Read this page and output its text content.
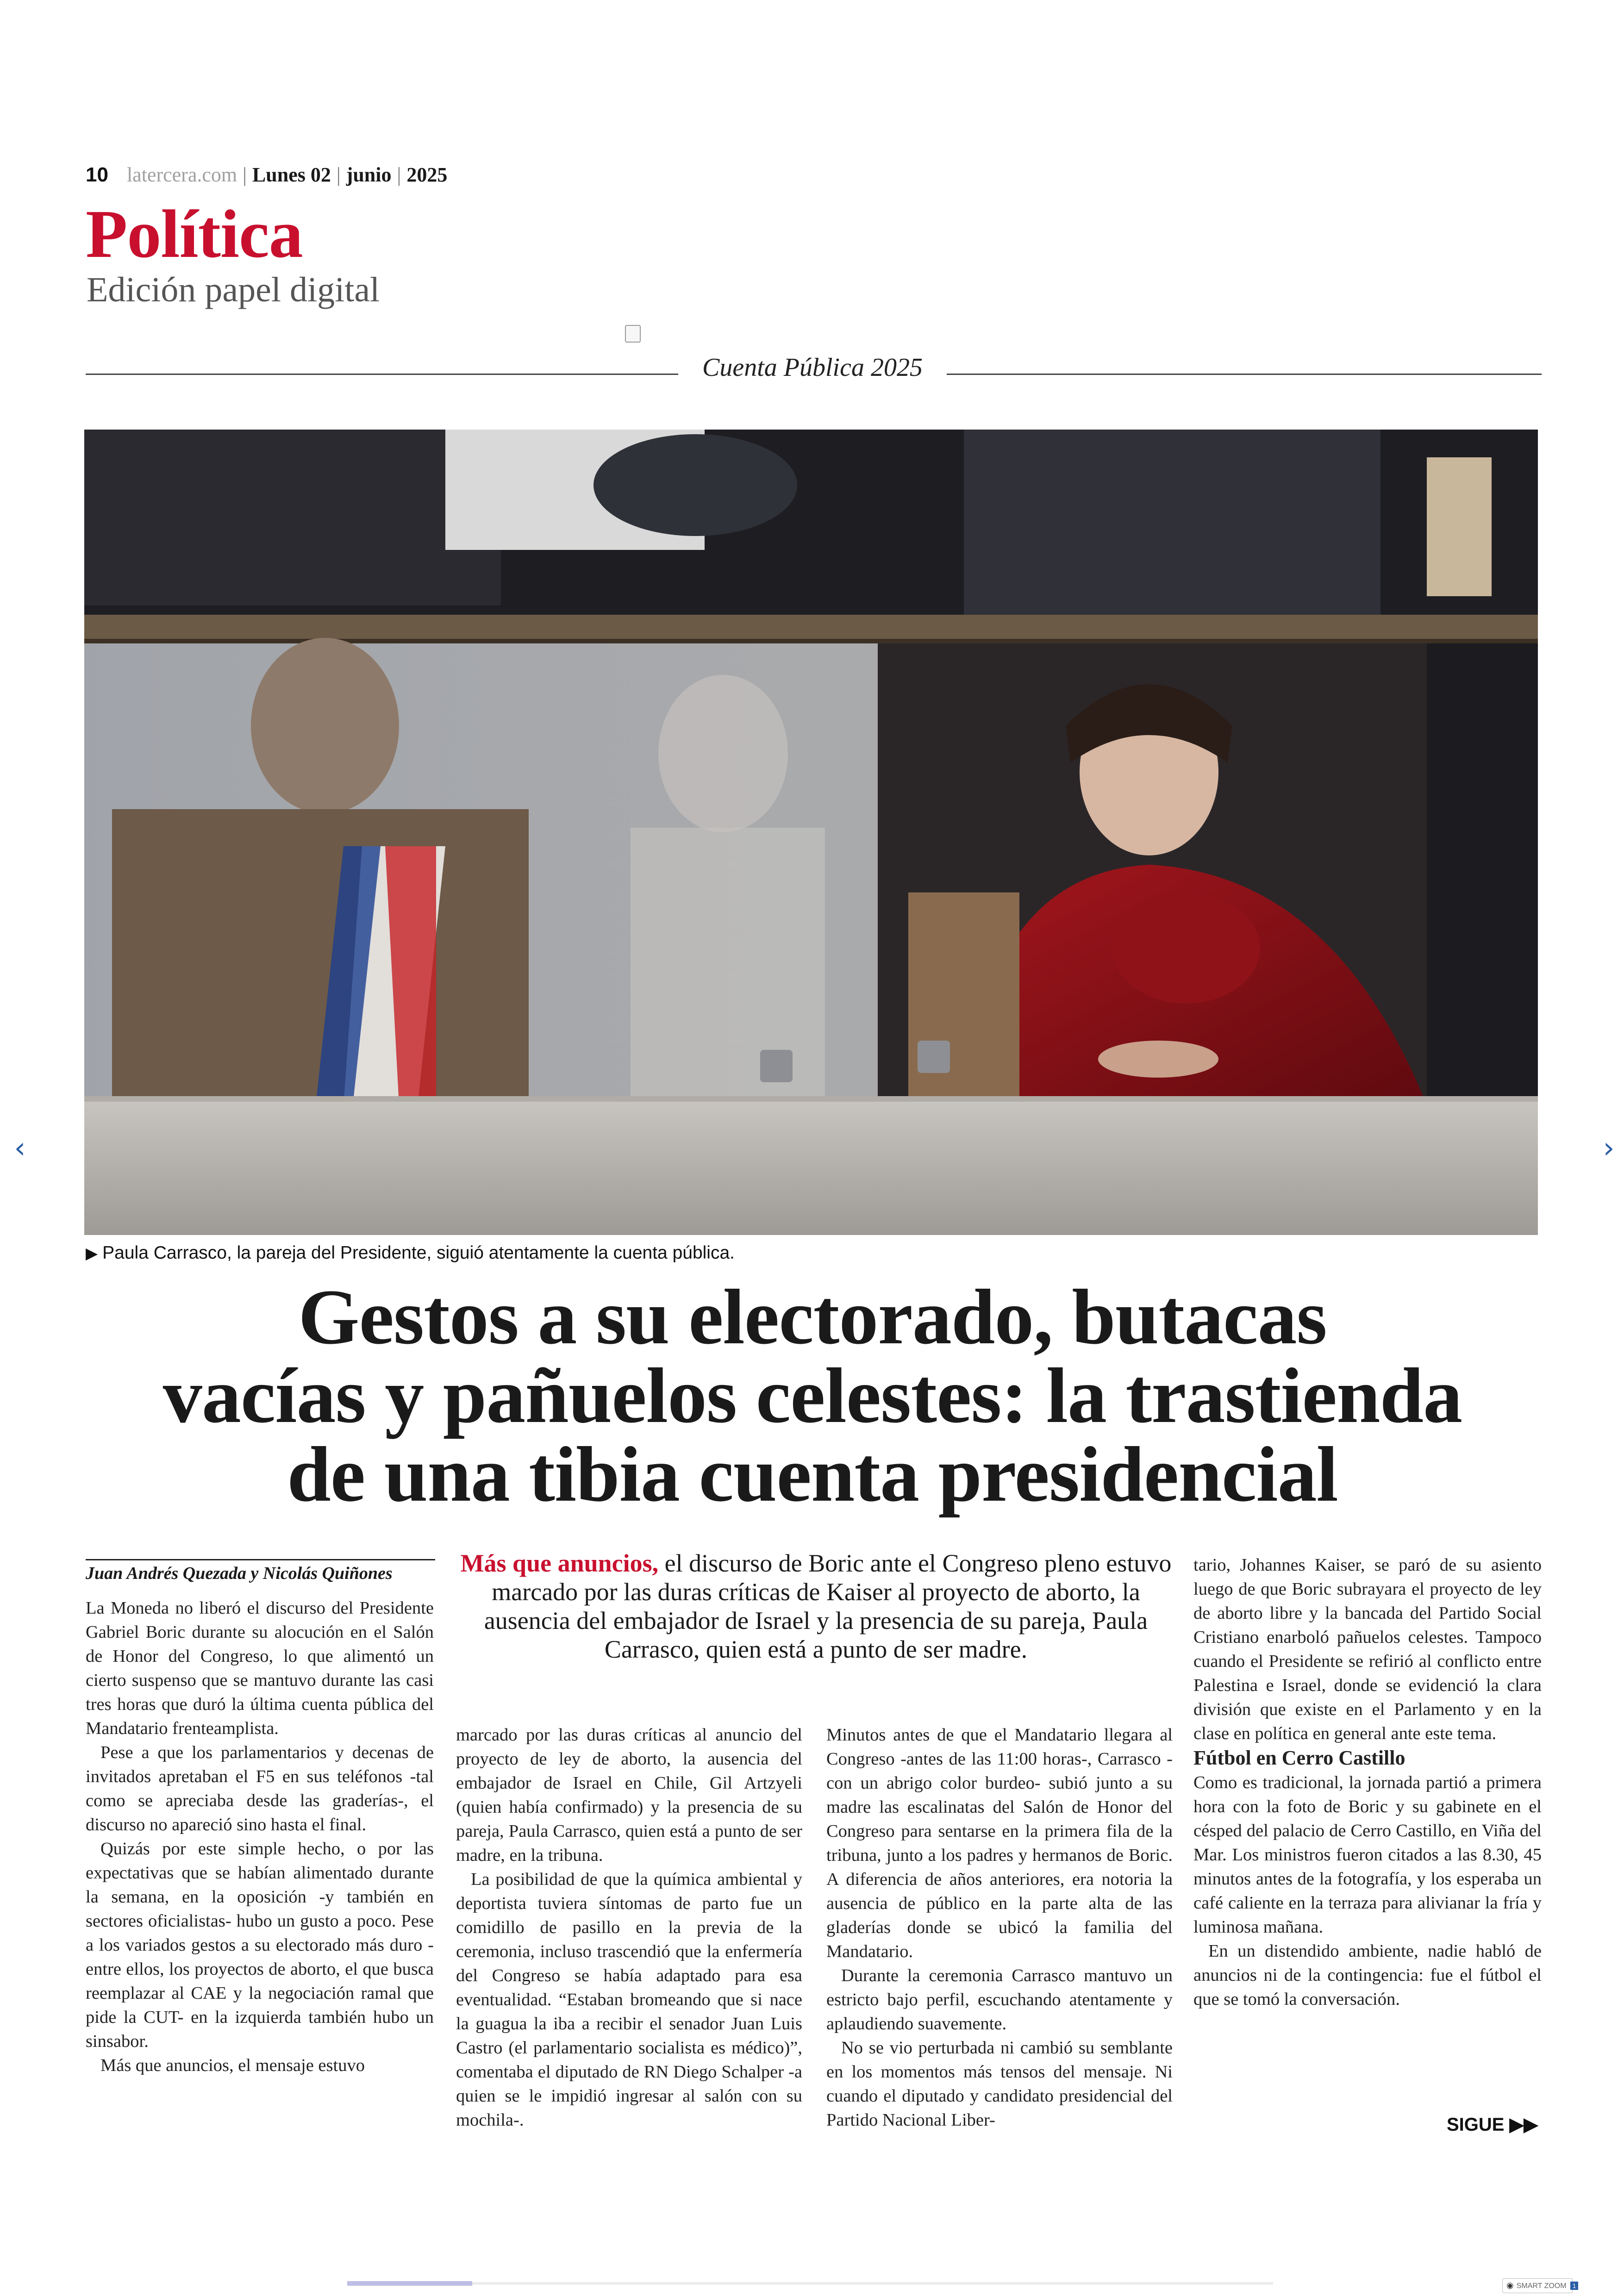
10 latercera.com | Lunes 02 | junio | 2025
Política
Edición papel digital
Cuenta Pública 2025
▶ Paula Carrasco, la pareja del Presidente, siguió atentamente la cuenta pública.
‹	›
Gestos a su electorado, butacas
vacías y pañuelos celestes: la trastienda
de una tibia cuenta presidencial
Juan Andrés Quezada y Nicolás Quiñones	Más que anuncios, el discurso de Boric ante el Congreso pleno estuvo marcado por las duras críticas de Kaiser al proyecto de aborto, la ausencia del embajador de Israel y la presencia de su pareja, Paula Carrasco, quien está a punto de ser madre.

La Moneda no liberó el discurso del Presidente Gabriel Boric durante su alocución en el Salón de Honor del Congreso, lo que alimentó un cierto suspenso que se mantuvo durante las casi tres horas que duró la última cuenta pública del Mandatario frenteamplista.

Pese a que los parlamentarios y decenas de invitados apretaban el F5 en sus teléfonos -tal como se apreciaba desde las graderías-, el discurso no apareció sino hasta el final.

Quizás por este simple hecho, o por las expectativas que se habían alimentado durante la semana, en la oposición -y también en sectores oficialistas- hubo un gusto a poco. Pese a los variados gestos a su electorado más duro -entre ellos, los proyectos de aborto, el que busca reemplazar al CAE y la negociación ramal que pide la CUT- en la izquierda también hubo un sinsabor.

Más que anuncios, el mensaje estuvo

marcado por las duras críticas al anuncio del proyecto de ley de aborto, la ausencia del embajador de Israel en Chile, Gil Artzyeli (quien había confirmado) y la presencia de su pareja, Paula Carrasco, quien está a punto de ser madre, en la tribuna.

La posibilidad de que la química ambiental y deportista tuviera síntomas de parto fue un comidillo de pasillo en la previa de la ceremonia, incluso trascendió que la enfermería del Congreso se había adaptado para esa eventualidad. “Estaban bromeando que si nace la guagua la iba a recibir el senador Juan Luis Castro (el parlamentario socialista es médico)”, comentaba el diputado de RN Diego Schalper -a quien se le impidió ingresar al salón con su mochila-.

Minutos antes de que el Mandatario llegara al Congreso -antes de las 11:00 horas-, Carrasco -con un abrigo color burdeo- subió junto a su madre las escalinatas del Salón de Honor del Congreso para sentarse en la primera fila de la tribuna, junto a los padres y hermanos de Boric. A diferencia de años anteriores, era notoria la ausencia de público en la parte alta de las gladerías donde se ubicó la familia del Mandatario.

Durante la ceremonia Carrasco mantuvo un estricto bajo perfil, escuchando atentamente y aplaudiendo suavemente.

No se vio perturbada ni cambió su semblante en los momentos más tensos del mensaje. Ni cuando el diputado y candidato presidencial del Partido Nacional Liber-

tario, Johannes Kaiser, se paró de su asiento luego de que Boric subrayara el proyecto de ley de aborto libre y la bancada del Partido Social Cristiano enarboló pañuelos celestes. Tampoco cuando el Presidente se refirió al conflicto entre Palestina e Israel, donde se evidenció la clara división que existe en el Parlamento y en la clase en política en general ante este tema.

Fútbol en Cerro Castillo

Como es tradicional, la jornada partió a primera hora con la foto de Boric y su gabinete en el césped del palacio de Cerro Castillo, en Viña del Mar. Los ministros fueron citados a las 8.30, 45 minutos antes de la fotografía, y los esperaba un café caliente en la terraza para alivianar la fría y luminosa mañana.

En un distendido ambiente, nadie habló de anuncios ni de la contingencia: fue el fútbol el que se tomó la conversación.

SIGUE ▶▶
◉ SMART ZOOM 1
